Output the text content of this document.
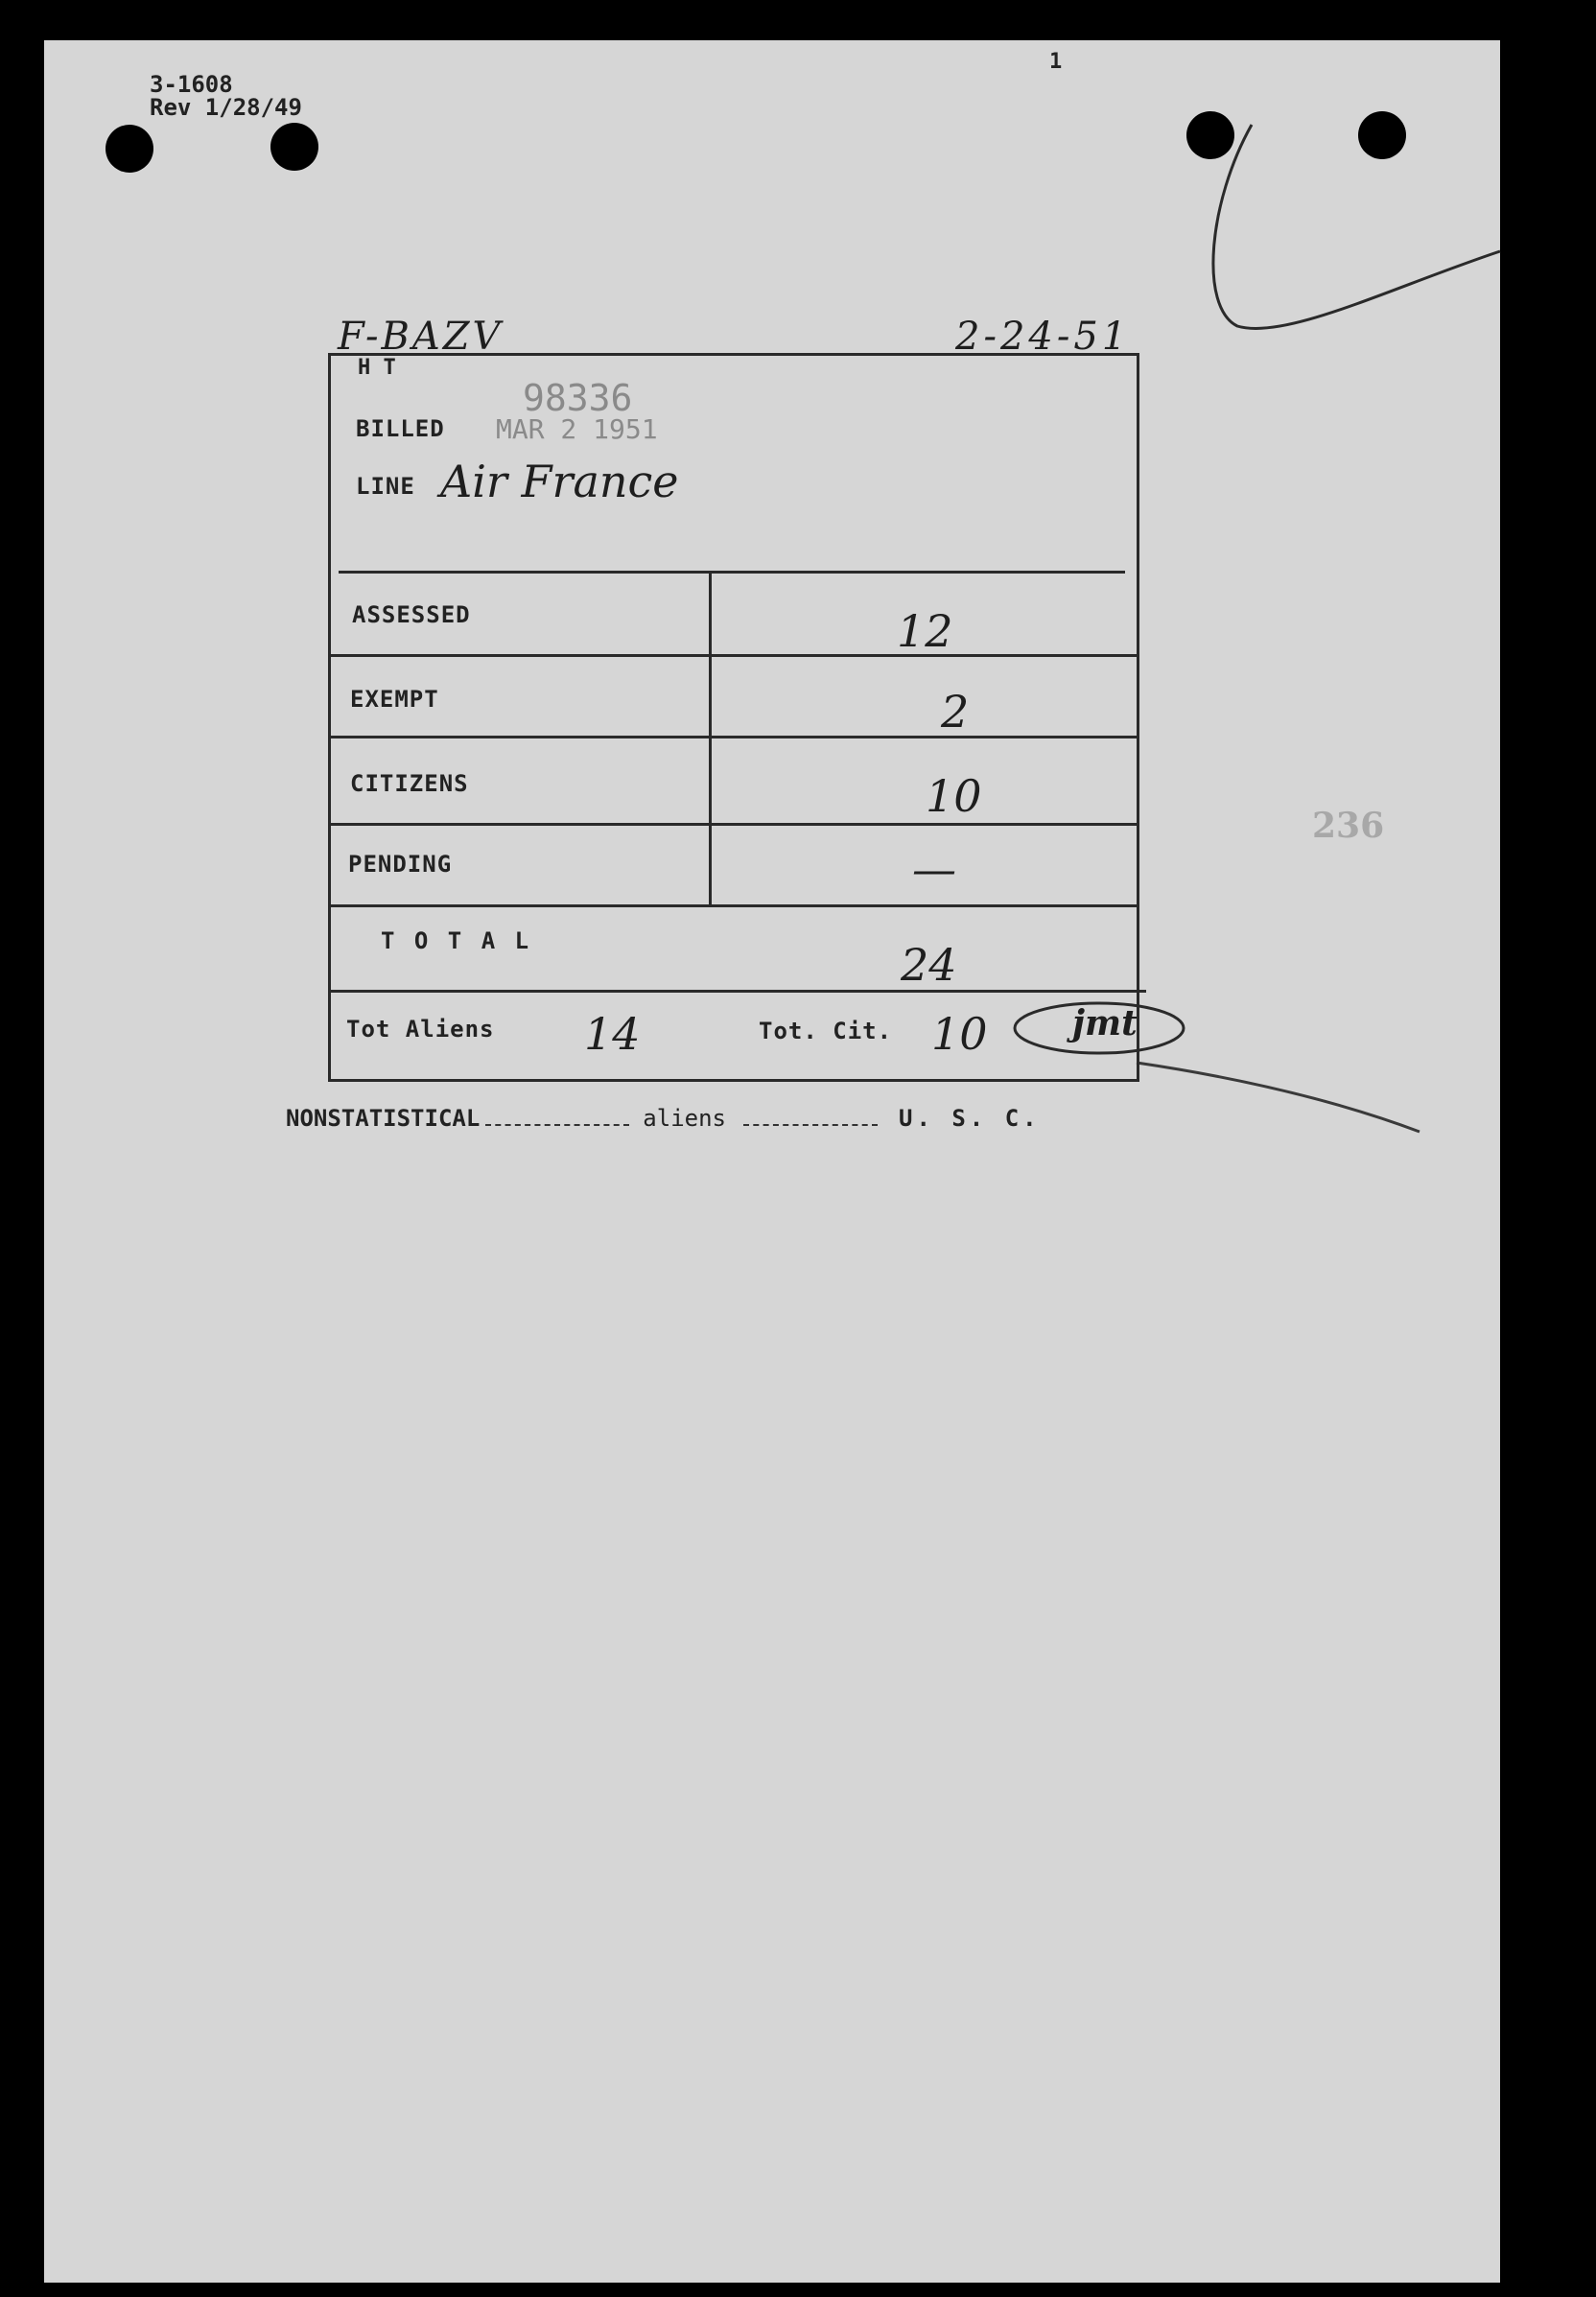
3-1608
Rev 1/28/49
1
F-BAZV	2-24-51
236
H T
98336
BILLED MAR 2 1951
LINE Air France
ASSESSED	12
EXEMPT	2
CITIZENS	10
PENDING	—
T O T A L	24
Tot Aliens 14	Tot. Cit. 10 jmt
NONSTATISTICAL	aliens	U. S. C.
